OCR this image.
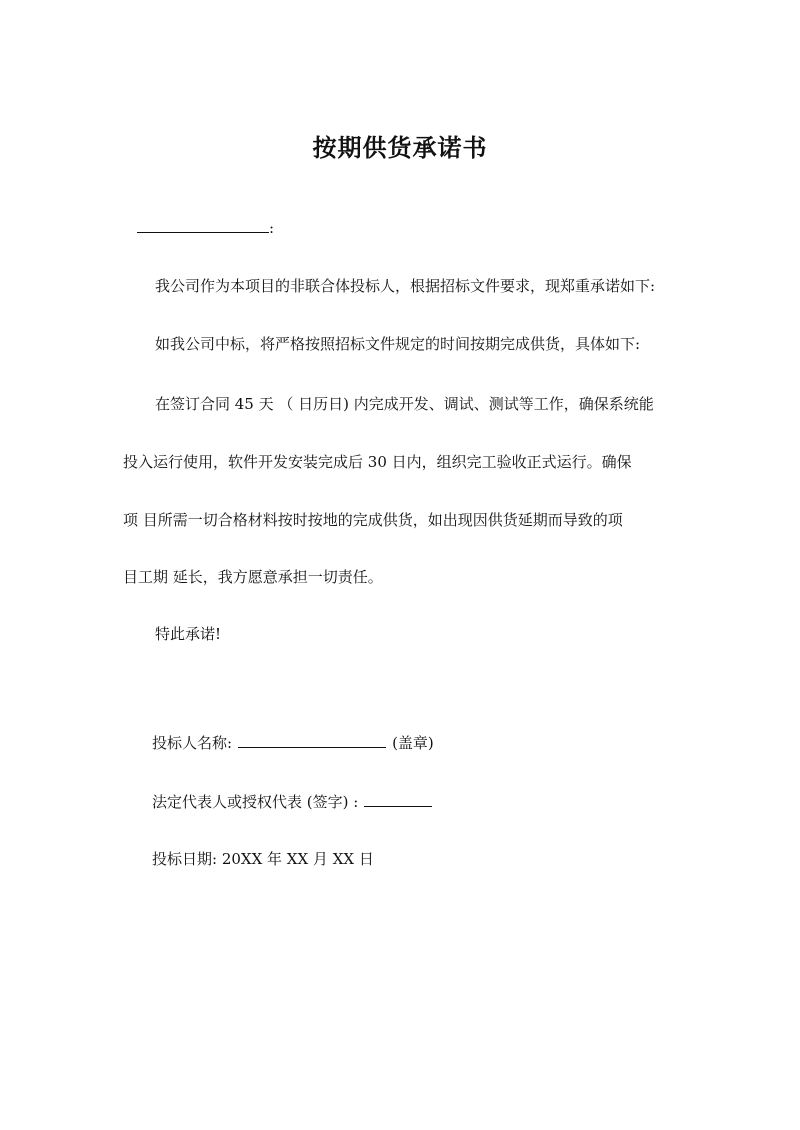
按期供货承诺书
:
我公司作为本项目的非联合体投标人，根据招标文件要求，现郑重承诺如下:
如我公司中标，将严格按照招标文件规定的时间按期完成供货，具体如下:
在签订合同 45 天 （ 日历日) 内完成开发、调试、测试等工作，确保系统能
投入运行使用，软件开发安装完成后 30 日内，组织完工验收正式运行。确保
项 目所需一切合格材料按时按地的完成供货，如出现因供货延期而导致的项
目工期 延长，我方愿意承担一切责任。
特此承诺!
投标人名称:	(盖章)
法定代表人或授权代表 (签字) :
投标日期: 20XX 年 XX 月 XX 日
